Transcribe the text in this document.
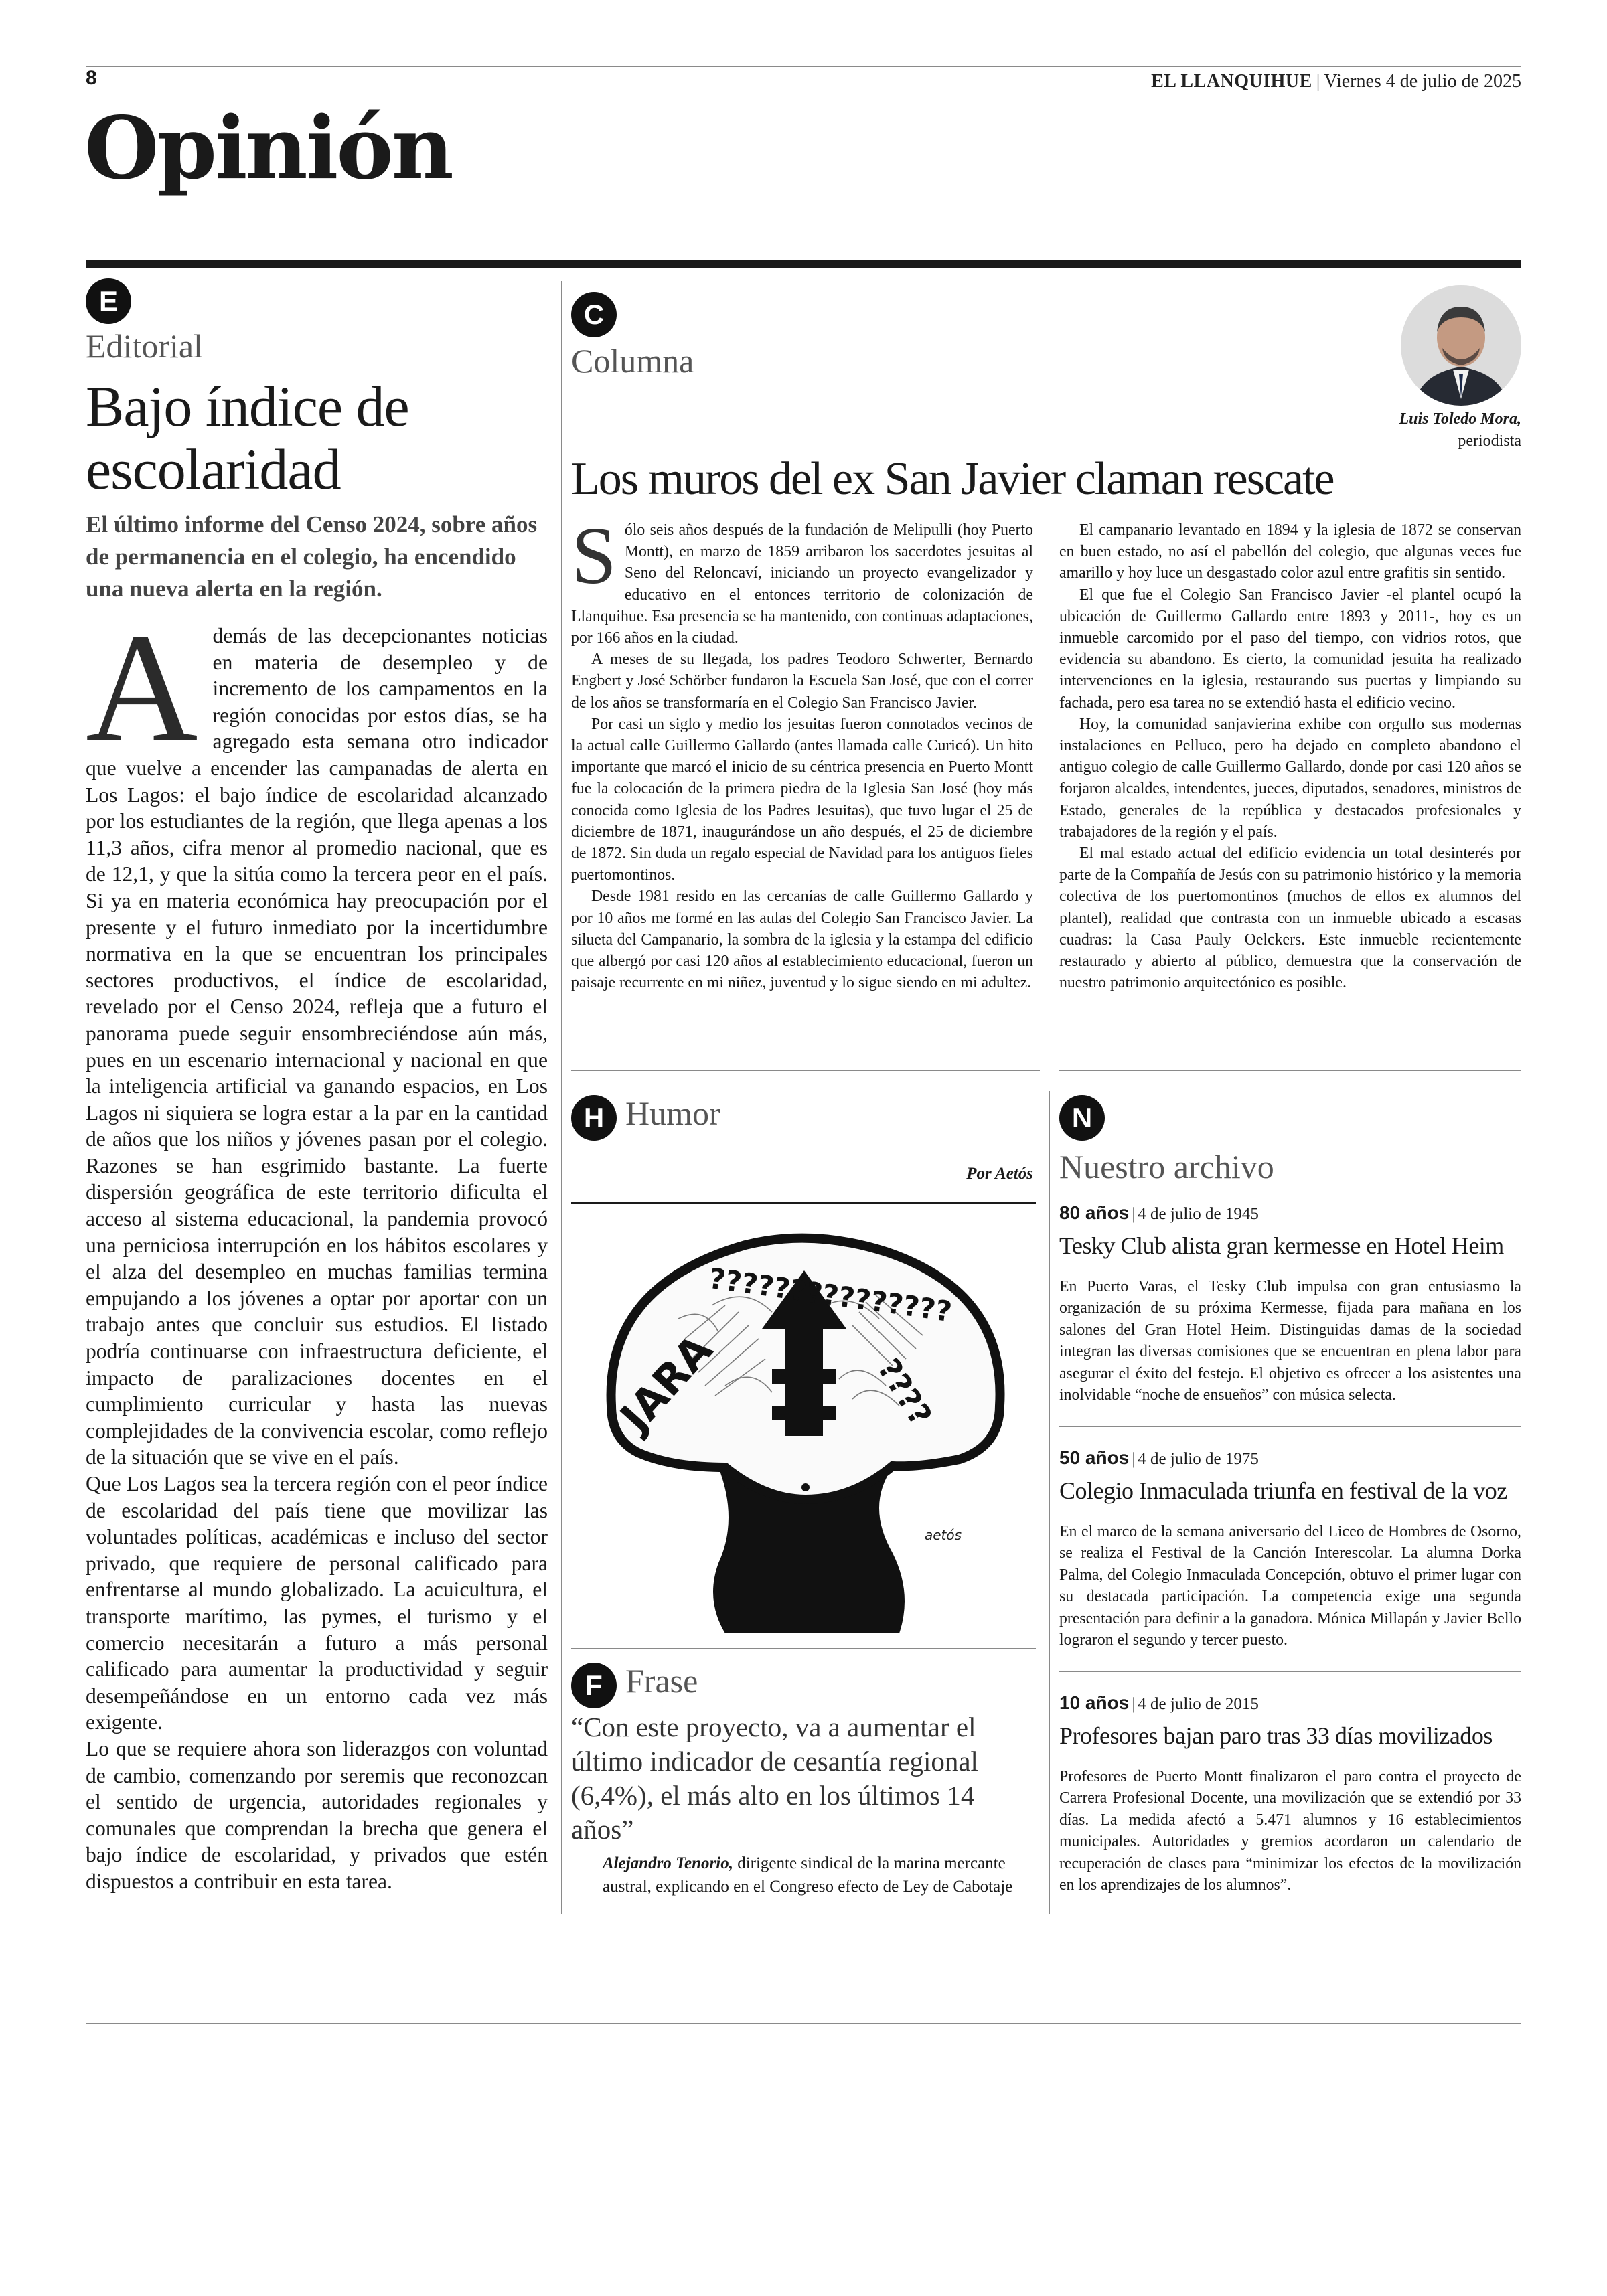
8	EL LLANQUIHUE | Viernes 4 de julio de 2025
Opinión
E
Editorial
Bajo índice de escolaridad

El último informe del Censo 2024, sobre años de permanencia en el colegio, ha encendido una nueva alerta en la región.

Además de las decepcionantes noticias en materia de desempleo y de incremento de los campamentos en la región conocidas por estos días, se ha agregado esta semana otro indicador que vuelve a encender las campanadas de alerta en Los Lagos: el bajo índice de escolaridad alcanzado por los estudiantes de la región, que llega apenas a los 11,3 años, cifra menor al promedio nacional, que es de 12,1, y que la sitúa como la tercera peor en el país. Si ya en materia económica hay preocupación por el presente y el futuro inmediato por la incertidumbre normativa en la que se encuentran los principales sectores productivos, el índice de escolaridad, revelado por el Censo 2024, refleja que a futuro el panorama puede seguir ensombreciéndose aún más, pues en un escenario internacional y nacional en que la inteligencia artificial va ganando espacios, en Los Lagos ni siquiera se logra estar a la par en la cantidad de años que los niños y jóvenes pasan por el colegio. Razones se han esgrimido bastante. La fuerte dispersión geográfica de este territorio dificulta el acceso al sistema educacional, la pandemia provocó una perniciosa interrupción en los hábitos escolares y el alza del desempleo en muchas familias termina empujando a los jóvenes a optar por aportar con un trabajo antes que concluir sus estudios. El listado podría continuarse con infraestructura deficiente, el impacto de paralizaciones docentes en el cumplimiento curricular y hasta las nuevas complejidades de la convivencia escolar, como reflejo de la situación que se vive en el país.

Que Los Lagos sea la tercera región con el peor índice de escolaridad del país tiene que movilizar las voluntades políticas, académicas e incluso del sector privado, que requiere de personal calificado para enfrentarse al mundo globalizado. La acuicultura, el transporte marítimo, las pymes, el turismo y el comercio necesitarán a futuro a más personal calificado para aumentar la productividad y seguir desempeñándose en un entorno cada vez más exigente.

Lo que se requiere ahora son liderazgos con voluntad de cambio, comenzando por seremis que reconozcan el sentido de urgencia, autoridades regionales y comunales que comprendan la brecha que genera el bajo índice de escolaridad, y privados que estén dispuestos a contribuir en esta tarea.

C
Columna
Luis Toledo Mora,
periodista
Los muros del ex San Javier claman rescate

Sólo seis años después de la fundación de Melipulli (hoy Puerto Montt), en marzo de 1859 arribaron los sacerdotes jesuitas al Seno del Reloncaví, iniciando un proyecto evangelizador y educativo en el entonces territorio de colonización de Llanquihue. Esa presencia se ha mantenido, con continuas adaptaciones, por 166 años en la ciudad.

A meses de su llegada, los padres Teodoro Schwerter, Bernardo Engbert y José Schörber fundaron la Escuela San José, que con el correr de los años se transformaría en el Colegio San Francisco Javier.

Por casi un siglo y medio los jesuitas fueron connotados vecinos de la actual calle Guillermo Gallardo (antes llamada calle Curicó). Un hito importante que marcó el inicio de su céntrica presencia en Puerto Montt fue la colocación de la primera piedra de la Iglesia San José (hoy más conocida como Iglesia de los Padres Jesuitas), que tuvo lugar el 25 de diciembre de 1871, inaugurándose un año después, el 25 de diciembre de 1872. Sin duda un regalo especial de Navidad para los antiguos fieles puertomontinos.

Desde 1981 resido en las cercanías de calle Guillermo Gallardo y por 10 años me formé en las aulas del Colegio San Francisco Javier. La silueta del Campanario, la sombra de la iglesia y la estampa del edificio que albergó por casi 120 años al establecimiento educacional, fueron un paisaje recurrente en mi niñez, juventud y lo sigue siendo en mi adultez.

El campanario levantado en 1894 y la iglesia de 1872 se conservan en buen estado, no así el pabellón del colegio, que algunas veces fue amarillo y hoy luce un desgastado color azul entre grafitis sin sentido.

El que fue el Colegio San Francisco Javier -el plantel ocupó la ubicación de Guillermo Gallardo entre 1893 y 2011-, hoy es un inmueble carcomido por el paso del tiempo, con vidrios rotos, que evidencia su abandono. Es cierto, la comunidad jesuita ha realizado intervenciones en la iglesia, restaurando sus puertas y limpiando su fachada, pero esa tarea no se extendió hasta el edificio vecino.

Hoy, la comunidad sanjavierina exhibe con orgullo sus modernas instalaciones en Pelluco, pero ha dejado en completo abandono el antiguo colegio de calle Guillermo Gallardo, donde por casi 120 años se forjaron alcaldes, intendentes, jueces, diputados, senadores, ministros de Estado, generales de la república y destacados profesionales y trabajadores de la región y el país.

El mal estado actual del edificio evidencia un total desinterés por parte de la Compañía de Jesús con su patrimonio histórico y la memoria colectiva de los puertomontinos (muchos de ellos ex alumnos del plantel), realidad que contrasta con un inmueble ubicado a escasas cuadras: la Casa Pauly Oelckers. Este inmueble recientemente restaurado y abierto al público, demuestra que la conservación de nuestro patrimonio arquitectónico es posible.

H Humor
Por Aetós
JARA
???????????????
????
aetós
F Frase

“Con este proyecto, va a aumentar el último indicador de cesantía regional (6,4%), el más alto en los últimos 14 años”

Alejandro Tenorio, dirigente sindical de la marina mercante austral, explicando en el Congreso efecto de Ley de Cabotaje

N
Nuestro archivo
80 años | 4 de julio de 1945
Tesky Club alista gran kermesse en Hotel Heim

En Puerto Varas, el Tesky Club impulsa con gran entusiasmo la organización de su próxima Kermesse, fijada para mañana en los salones del Gran Hotel Heim. Distinguidas damas de la sociedad integran las diversas comisiones que se encuentran en plena labor para asegurar el éxito del festejo. El objetivo es ofrecer a los asistentes una inolvidable “noche de ensueños” con música selecta.

50 años | 4 de julio de 1975
Colegio Inmaculada triunfa en festival de la voz

En el marco de la semana aniversario del Liceo de Hombres de Osorno, se realiza el Festival de la Canción Interescolar. La alumna Dorka Palma, del Colegio Inmaculada Concepción, obtuvo el primer lugar con su destacada participación. La competencia exige una segunda presentación para definir a la ganadora. Mónica Millapán y Javier Bello lograron el segundo y tercer puesto.

10 años | 4 de julio de 2015
Profesores bajan paro tras 33 días movilizados

Profesores de Puerto Montt finalizaron el paro contra el proyecto de Carrera Profesional Docente, una movilización que se extendió por 33 días. La medida afectó a 5.471 alumnos y 16 establecimientos municipales. Autoridades y gremios acordaron un calendario de recuperación de clases para “minimizar los efectos de la movilización en los aprendizajes de los alumnos”.
